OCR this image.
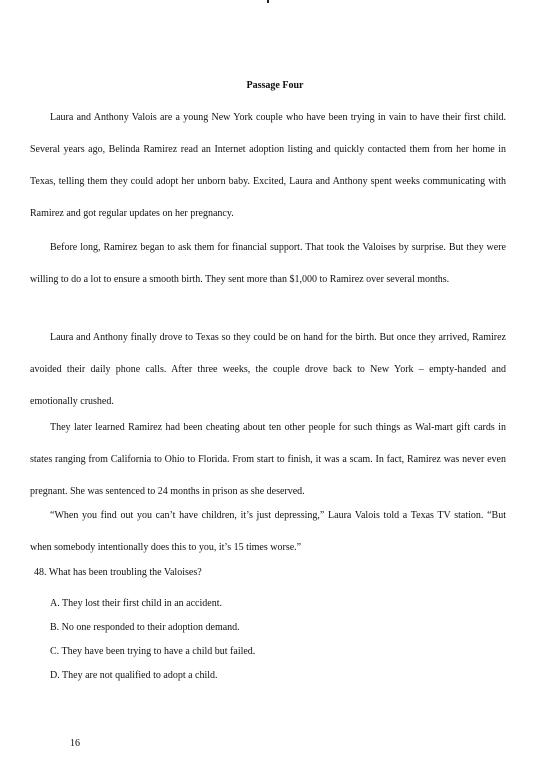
Passage Four

Laura and Anthony Valois are a young New York couple who have been trying in vain to have their first child. Several years ago, Belinda Ramirez read an Internet adoption listing and quickly contacted them from her home in Texas, telling them they could adopt her unborn baby. Excited, Laura and Anthony spent weeks communicating with Ramirez and got regular updates on her pregnancy.

Before long, Ramirez began to ask them for financial support. That took the Valoises by surprise. But they were willing to do a lot to ensure a smooth birth. They sent more than $1,000 to Ramirez over several months.

Laura and Anthony finally drove to Texas so they could be on hand for the birth. But once they arrived, Ramirez avoided their daily phone calls. After three weeks, the couple drove back to New York – empty-handed and emotionally crushed.

They later learned Ramirez had been cheating about ten other people for such things as Wal-mart gift cards in states ranging from California to Ohio to Florida. From start to finish, it was a scam. In fact, Ramirez was never even pregnant. She was sentenced to 24 months in prison as she deserved.

“When you find out you can’t have children, it’s just depressing,” Laura Valois told a Texas TV station. “But when somebody intentionally does this to you, it’s 15 times worse.”

48. What has been troubling the Valoises?
A. They lost their first child in an accident.
B. No one responded to their adoption demand.
C. They have been trying to have a child but failed.
D. They are not qualified to adopt a child.
16
